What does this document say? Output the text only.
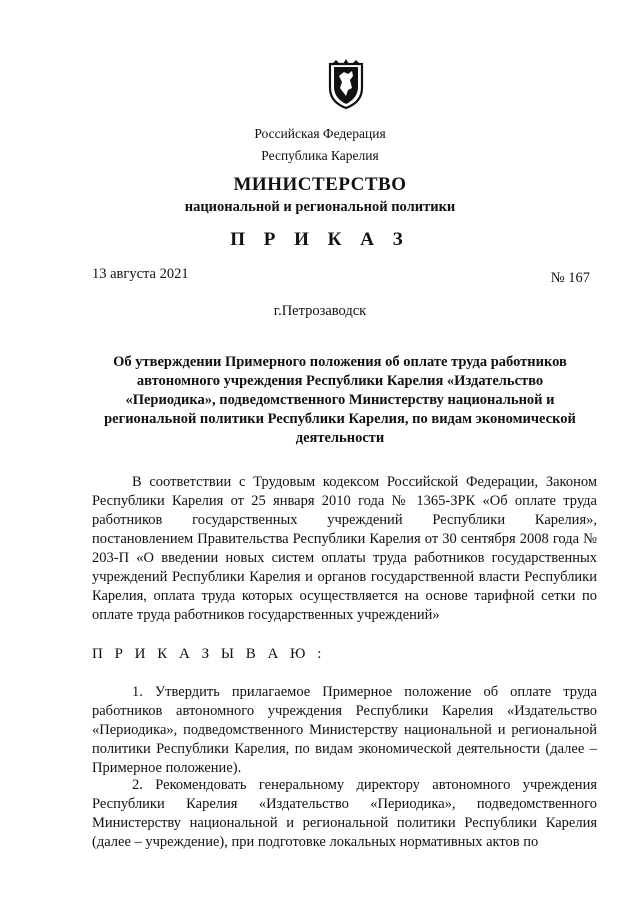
Российская Федерация
Республика Карелия
МИНИСТЕРСТВО
национальной и региональной политики
П Р И К А З
13 августа 2021	№ 167
г.Петрозаводск
Об утверждении Примерного положения об оплате труда работников автономного учреждения Республики Карелия «Издательство «Периодика», подведомственного Министерству национальной и региональной политики Республики Карелия, по видам экономической деятельности

В соответствии с Трудовым кодексом Российской Федерации, Законом Республики Карелия от 25 января 2010 года № 1365-ЗРК «Об оплате труда работников государственных учреждений Республики Карелия», постановлением Правительства Республики Карелия от 30 сентября 2008 года № 203-П «О введении новых систем оплаты труда работников государственных учреждений Республики Карелия и органов государственной власти Республики Карелия, оплата труда которых осуществляется на основе тарифной сетки по оплате труда работников государственных учреждений»

П Р И К А З Ы В А Ю :

1. Утвердить прилагаемое Примерное положение об оплате труда работников автономного учреждения Республики Карелия «Издательство «Периодика», подведомственного Министерству национальной и региональной политики Республики Карелия, по видам экономической деятельности (далее – Примерное положение).

2. Рекомендовать генеральному директору автономного учреждения Республики Карелия «Издательство «Периодика», подведомственного Министерству национальной и региональной политики Республики Карелия (далее – учреждение), при подготовке локальных нормативных актов по
